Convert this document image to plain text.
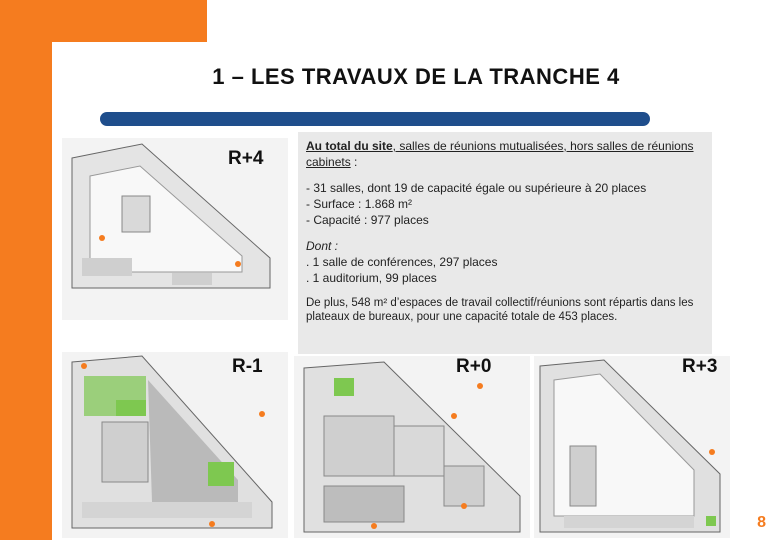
1 – LES TRAVAUX DE LA TRANCHE 4
R+4
R-1	R+0	R+3

Au total du site, salles de réunions mutualisées, hors salles de réunions cabinets :

- 31 salles, dont 19 de capacité égale ou supérieure à 20 places

- Surface : 1.868 m²

- Capacité : 977 places

Dont :

. 1 salle de conférences, 297 places

. 1 auditorium, 99 places

De plus, 548 m² d’espaces de travail collectif/réunions sont répartis dans les plateaux de bureaux, pour une capacité totale de 453 places.

8
